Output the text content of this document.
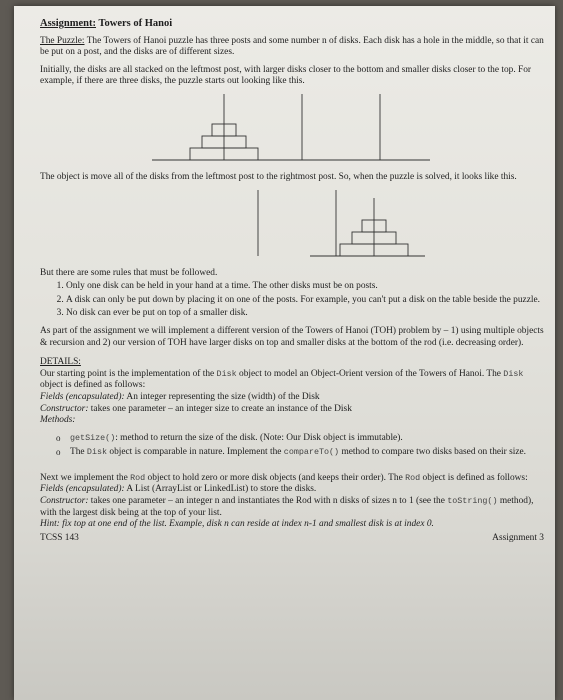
Assignment: Towers of Hanoi

The Puzzle: The Towers of Hanoi puzzle has three posts and some number n of disks. Each disk has a hole in the middle, so that it can be put on a post, and the disks are of different sizes.

Initially, the disks are all stacked on the leftmost post, with larger disks closer to the bottom and smaller disks closer to the top. For example, if there are three disks, the puzzle starts out looking like this.

The object is move all of the disks from the leftmost post to the rightmost post. So, when the puzzle is solved, it looks like this.

But there are some rules that must be followed.

1. Only one disk can be held in your hand at a time. The other disks must be on posts.
2. A disk can only be put down by placing it on one of the posts. For example, you can't put a disk on the table beside the puzzle.
3. No disk can ever be put on top of a smaller disk.

As part of the assignment we will implement a different version of the Towers of Hanoi (TOH) problem by – 1) using multiple objects & recursion and 2) our version of TOH have larger disks on top and smaller disks at the bottom of the rod (i.e. decreasing order).

DETAILS:
Our starting point is the implementation of the Disk object to model an Object-Orient version of the Towers of Hanoi. The Disk object is defined as follows:
Fields (encapsulated): An integer representing the size (width) of the Disk
Constructor: takes one parameter – an integer size to create an instance of the Disk
Methods:

o getSize(): method to return the size of the disk. (Note: Our Disk object is immutable).
o The Disk object is comparable in nature. Implement the compareTo() method to compare two disks based on their size.

Next we implement the Rod object to hold zero or more disk objects (and keeps their order). The Rod object is defined as follows:
Fields (encapsulated): A List (ArrayList or LinkedList) to store the disks.
Constructor: takes one parameter – an integer n and instantiates the Rod with n disks of sizes n to 1 (see the toString() method), with the largest disk being at the top of your list.
Hint: fix top at one end of the list. Example, disk n can reside at index n-1 and smallest disk is at index 0.

TCSS 143	Assignment 3
